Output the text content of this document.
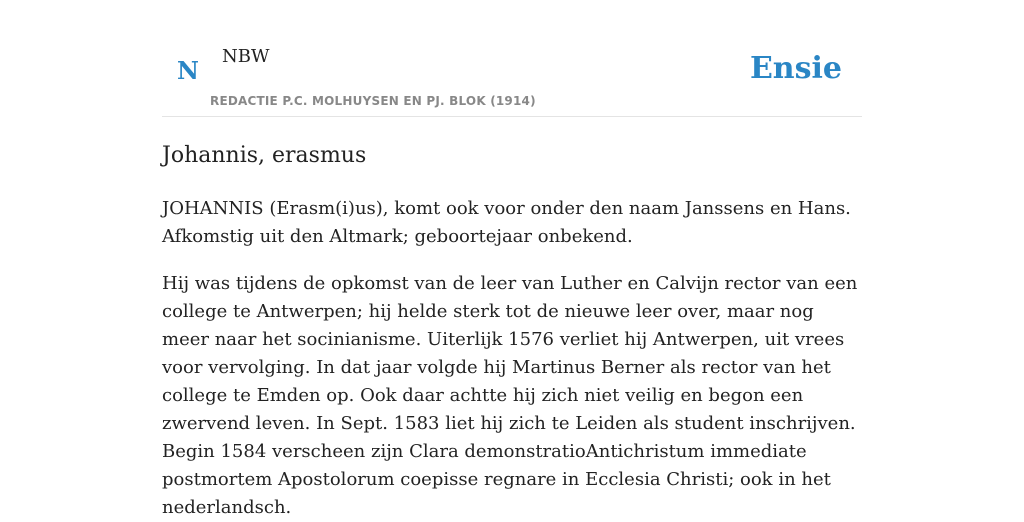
N NBW	Ensie
REDACTIE P.C. MOLHUYSEN EN PJ. BLOK (1914)
Johannis, erasmus

JOHANNIS (Erasm(i)us), komt ook voor onder den naam Janssens en Hans. Afkomstig uit den Altmark; geboortejaar onbekend.

Hij was tijdens de opkomst van de leer van Luther en Calvijn rector van een college te Antwerpen; hij helde sterk tot de nieuwe leer over, maar nog meer naar het socinianisme. Uiterlijk 1576 verliet hij Antwerpen, uit vrees voor vervolging. In dat jaar volgde hij Martinus Berner als rector van het college te Emden op. Ook daar achtte hij zich niet veilig en begon een zwervend leven. In Sept. 1583 liet hij zich te Leiden als student inschrijven. Begin 1584 verscheen zijn Clara demonstratioAntichristum immediate postmortem Apostolorum coepisse regnare in Ecclesia Christi; ook in het nederlandsch.
